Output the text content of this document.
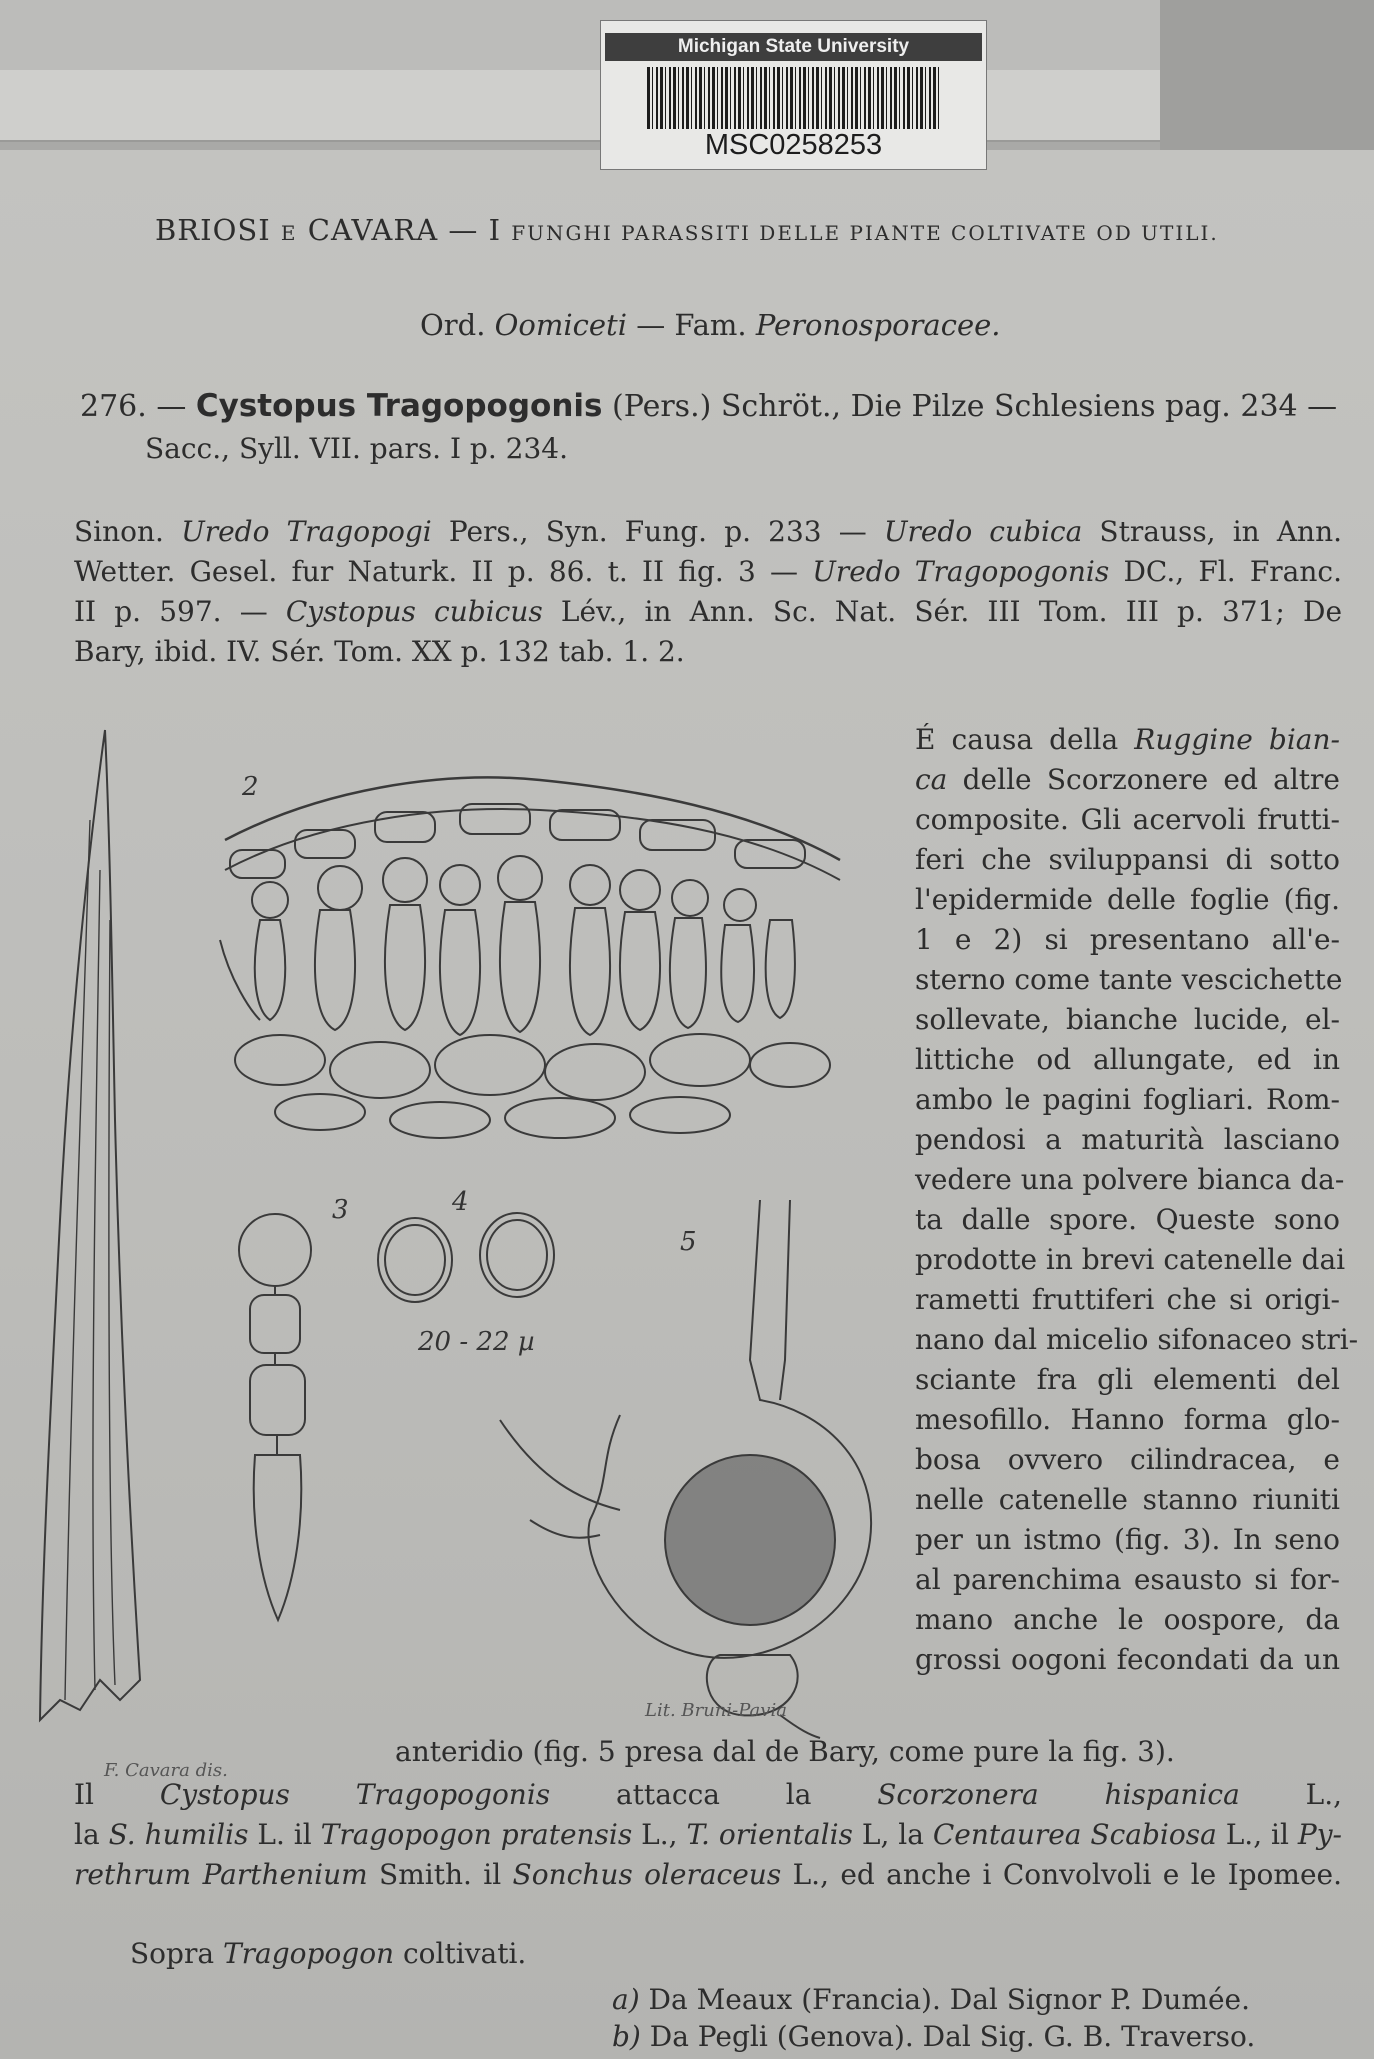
Michigan State University
MSC0258253
BRIOSI E CAVARA — I FUNGHI PARASSITI DELLE PIANTE COLTIVATE OD UTILI.
Ord. Oomiceti — Fam. Peronosporacee.
276. — Cystopus Tragopogonis (Pers.) Schröt., Die Pilze Schlesiens pag. 234 —
Sacc., Syll. VII. pars. I p. 234.
Sinon. Uredo Tragopogi Pers., Syn. Fung. p. 233 — Uredo cubica Strauss, in Ann.
Wetter. Gesel. fur Naturk. II p. 86. t. II fig. 3 — Uredo Tragopogonis DC., Fl. Franc.
II p. 597. — Cystopus cubicus Lév., in Ann. Sc. Nat. Sér. III Tom. III p. 371; De
Bary, ibid. IV. Sér. Tom. XX p. 132 tab. 1. 2.
2
3	4
5
20 - 22 µ
É causa della Ruggine bian-
ca delle Scorzonere ed altre
composite. Gli acervoli frutti-
feri che sviluppansi di sotto
l'epidermide delle foglie (fig.
1 e 2) si presentano all'e-
sterno come tante vescichette
sollevate, bianche lucide, el-
littiche od allungate, ed in
ambo le pagini fogliari. Rom-
pendosi a maturità lasciano
vedere una polvere bianca da-
ta dalle spore. Queste sono
prodotte in brevi catenelle dai
rametti fruttiferi che si origi-
nano dal micelio sifonaceo stri-
sciante fra gli elementi del
mesofillo. Hanno forma glo-
bosa ovvero cilindracea, e
nelle catenelle stanno riuniti
per un istmo (fig. 3). In seno
al parenchima esausto si for-
mano anche le oospore, da
grossi oogoni fecondati da un
anteridio (fig. 5 presa dal de Bary, come pure la fig. 3).
Il Cystopus Tragopogonis attacca la Scorzonera hispanica L.,
la S. humilis L. il Tragopogon pratensis L., T. orientalis L, la Centaurea Scabiosa L., il Py-
rethrum Parthenium Smith. il Sonchus oleraceus L., ed anche i Convolvoli e le Ipomee.
F. Cavara dis.
Lit. Bruni-Pavia
Sopra Tragopogon coltivati.
a) Da Meaux (Francia). Dal Signor P. Dumée.
b) Da Pegli (Genova). Dal Sig. G. B. Traverso.
